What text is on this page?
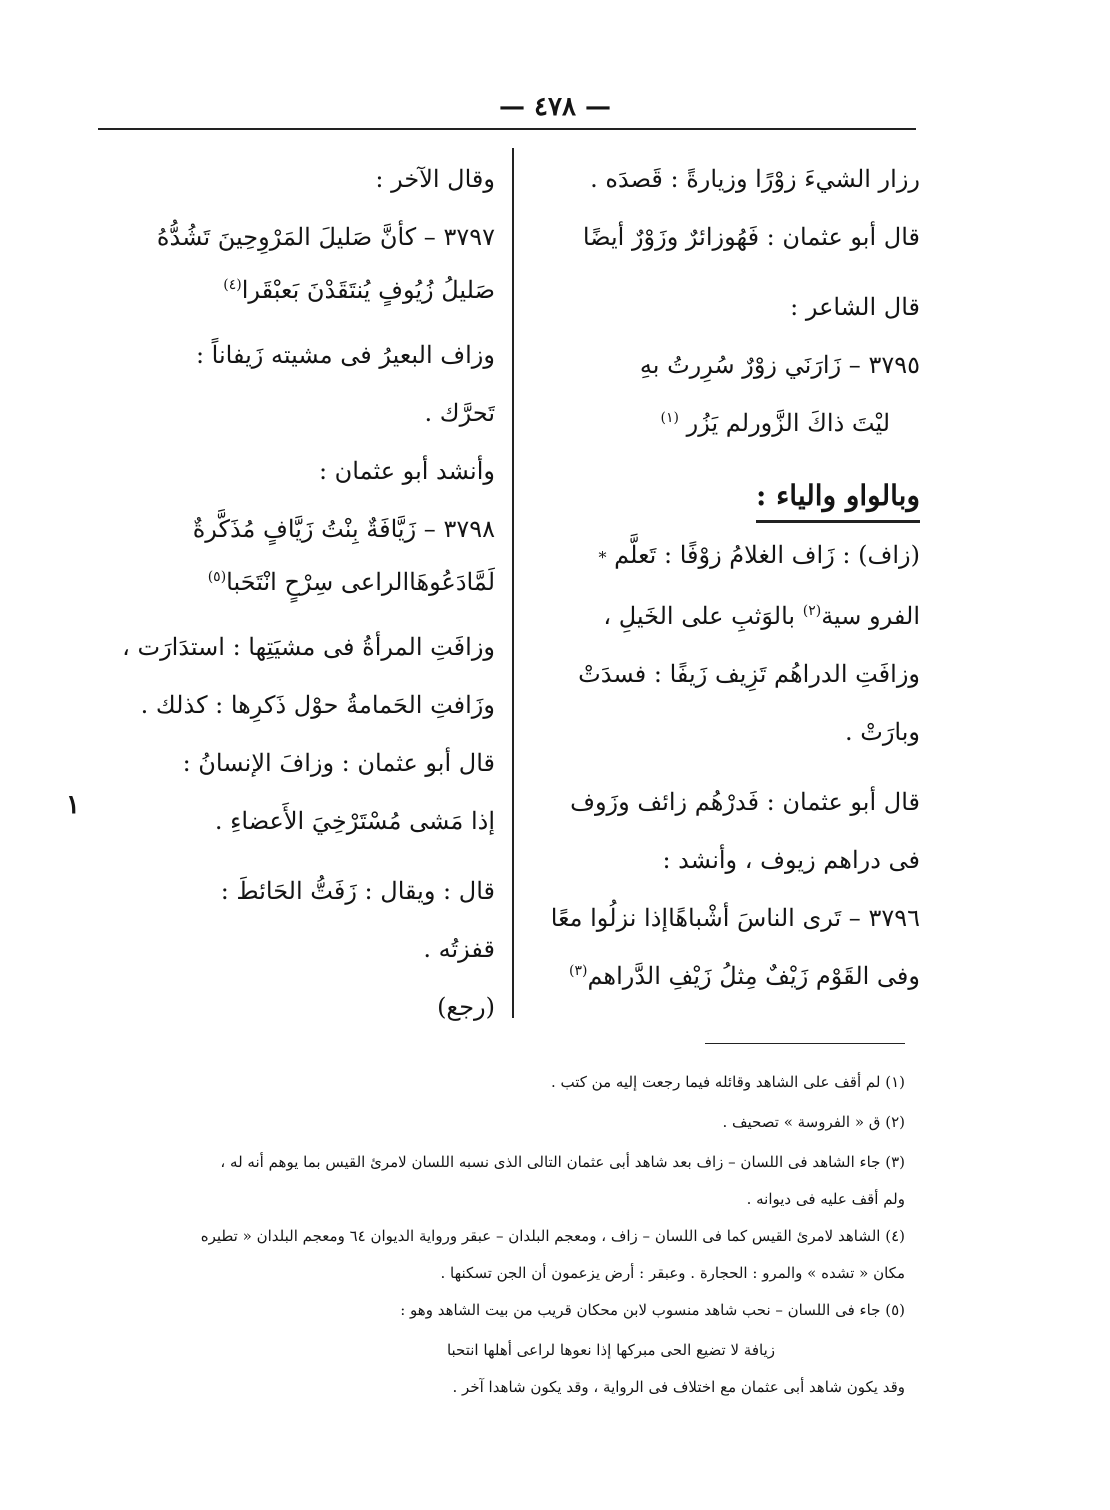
— ٤٧٨ —
رزار الشيءَ زوْرًا وزيارةً : قَصدَه .
قال أبو عثمان : فَهُوزائرٌ وزَوْرٌ أيضًا
قال الشاعر :
٣٧٩٥ – زَارَنَي زوْرٌ سُرِرتُ بهِ
ليْتَ ذاكَ الزَّورلم يَزُر $^{(١)}$
وبالواو والياء :
(زاف) : زَاف الغلامُ زوْفًا : تَعلَّم *
الفرو سية$^{(٢)}$ بالوَثبِ على الخَيلِ ،
وزافَتِ الدراهُم تَزِيف زَيفًا : فسدَتْ
وبارَتْ .
قال أبو عثمان : فَدرْهُم زائف وزَوف
فى دراهم زيوف ، وأنشد :
٣٧٩٦ – تَرى الناسَ أشْباهًاإذا نزلُوا معًا
وفى القَوْم زَيْفٌ مِثلُ زَيْفِ الدَّراهم$^{(٣)}$
وقال الآخر :
٣٧٩٧ – كأنَّ صَليلَ المَرْوِحِينَ تَشُدُّهُ
صَليلُ زُيُوفٍ يُنتَقَدْنَ بَعبْقَرا$^{(٤)}$
وزاف البعيرُ فى مشيته زَيفاناً :
تَحرَّك .
وأنشد أبو عثمان :
٣٧٩٨ – زَيَّافَةٌ بِنْتُ زَيَّافٍ مُذَكَّرةٌ
لَمَّادَعُوهَاالراعى سِرْحٍ انْتَحَبا$^{(٥)}$
وزافَتِ المرأةُ فى مشيَتِها : استدَارَت ،
وزَافتِ الحَمامةُ حوْل ذَكرِها : كذلك .
قال أبو عثمان : وزافَ الإنسانُ :
إذا مَشى مُسْتَرْخِيَ الأَعضاءِ .
قال : ويقال : زَفَتُّ الحَائطَ :
قفزتُه .
(رجع)
١
(١) لم أقف على الشاهد وقائله فيما رجعت إليه من كتب .
(٢) ق « الفروسة » تصحيف .
(٣) جاء الشاهد فى اللسان – زاف بعد شاهد أبى عثمان التالى الذى نسبه اللسان لامرئ القيس بما يوهم أنه له ،
ولم أقف عليه فى ديوانه .
(٤) الشاهد لامرئ القيس كما فى اللسان – زاف ، ومعجم البلدان – عبقر ورواية الديوان ٦٤ ومعجم البلدان « تطيره
مكان « تشده » والمرو : الحجارة . وعبقر : أرض يزعمون أن الجن تسكنها .
(٥) جاء فى اللسان – نحب شاهد منسوب لابن محكان قريب من بيت الشاهد وهو :
زيافة لا تضيع الحى مبركها إذا نعوها لراعى أهلها انتحبا
وقد يكون شاهد أبى عثمان مع اختلاف فى الرواية ، وقد يكون شاهدا آخر .
